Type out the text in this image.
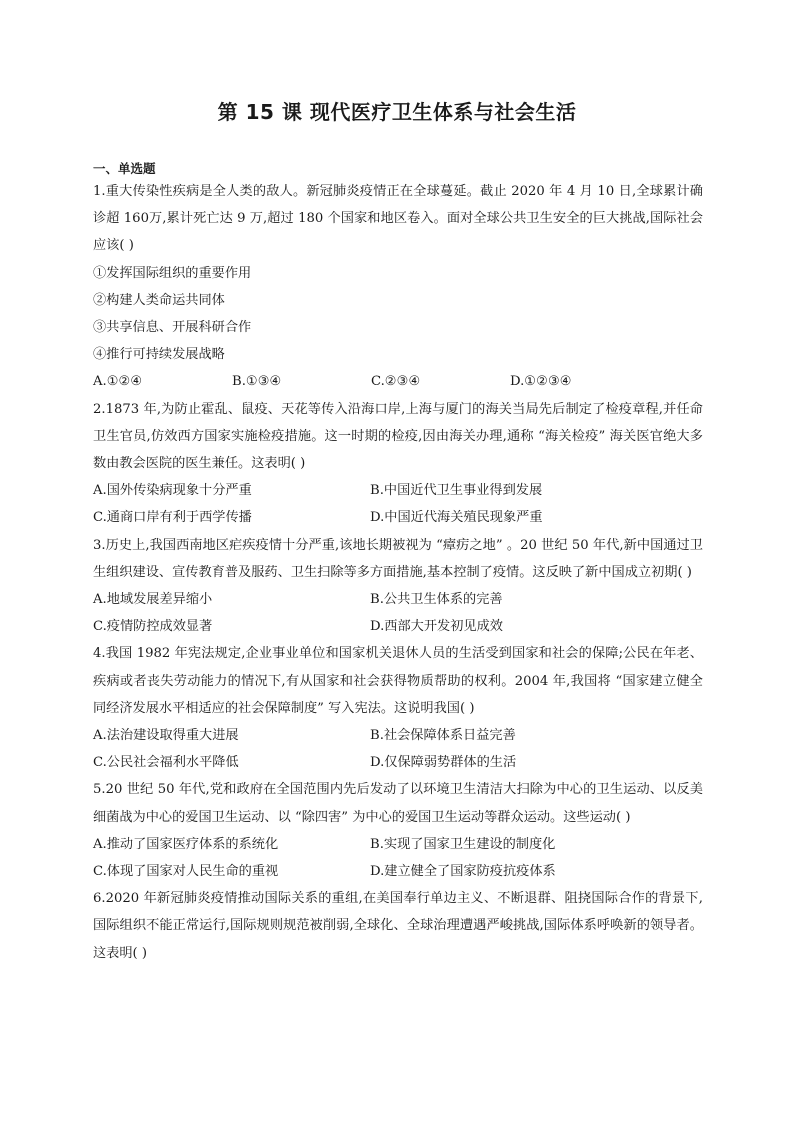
第 15 课 现代医疗卫生体系与社会生活
一、单选题
1.重大传染性疾病是全人类的敌人。新冠肺炎疫情正在全球蔓延。截止 2020 年 4 月 10 日,全球累计确诊超 160万,累计死亡达 9 万,超过 180 个国家和地区卷入。面对全球公共卫生安全的巨大挑战,国际社会应该( )
①发挥国际组织的重要作用
②构建人类命运共同体
③共享信息、开展科研合作
④推行可持续发展战略
A.①②④	B.①③④	C.②③④	D.①②③④
2.1873 年,为防止霍乱、鼠疫、天花等传入沿海口岸,上海与厦门的海关当局先后制定了检疫章程,并任命卫生官员,仿效西方国家实施检疫措施。这一时期的检疫,因由海关办理,通称 “海关检疫” 海关医官绝大多数由教会医院的医生兼任。这表明( )
A.国外传染病现象十分严重	B.中国近代卫生事业得到发展
C.通商口岸有利于西学传播	D.中国近代海关殖民现象严重
3.历史上,我国西南地区疟疾疫情十分严重,该地长期被视为 “瘴疠之地” 。20 世纪 50 年代,新中国通过卫生组织建设、宣传教育普及服药、卫生扫除等多方面措施,基本控制了疫情。这反映了新中国成立初期( )
A.地域发展差异缩小	B.公共卫生体系的完善
C.疫情防控成效显著	D.西部大开发初见成效
4.我国 1982 年宪法规定,企业事业单位和国家机关退休人员的生活受到国家和社会的保障;公民在年老、疾病或者丧失劳动能力的情况下,有从国家和社会获得物质帮助的权利。2004 年,我国将 “国家建立健全同经济发展水平相适应的社会保障制度” 写入宪法。这说明我国( )
A.法治建设取得重大进展	B.社会保障体系日益完善
C.公民社会福利水平降低	D.仅保障弱势群体的生活
5.20 世纪 50 年代,党和政府在全国范围内先后发动了以环境卫生清洁大扫除为中心的卫生运动、以反美细菌战为中心的爱国卫生运动、以 “除四害” 为中心的爱国卫生运动等群众运动。这些运动( )
A.推动了国家医疗体系的系统化	B.实现了国家卫生建设的制度化
C.体现了国家对人民生命的重视	D.建立健全了国家防疫抗疫体系
6.2020 年新冠肺炎疫情推动国际关系的重组,在美国奉行单边主义、不断退群、阻挠国际合作的背景下,国际组织不能正常运行,国际规则规范被削弱,全球化、全球治理遭遇严峻挑战,国际体系呼唤新的领导者。这表明( )
